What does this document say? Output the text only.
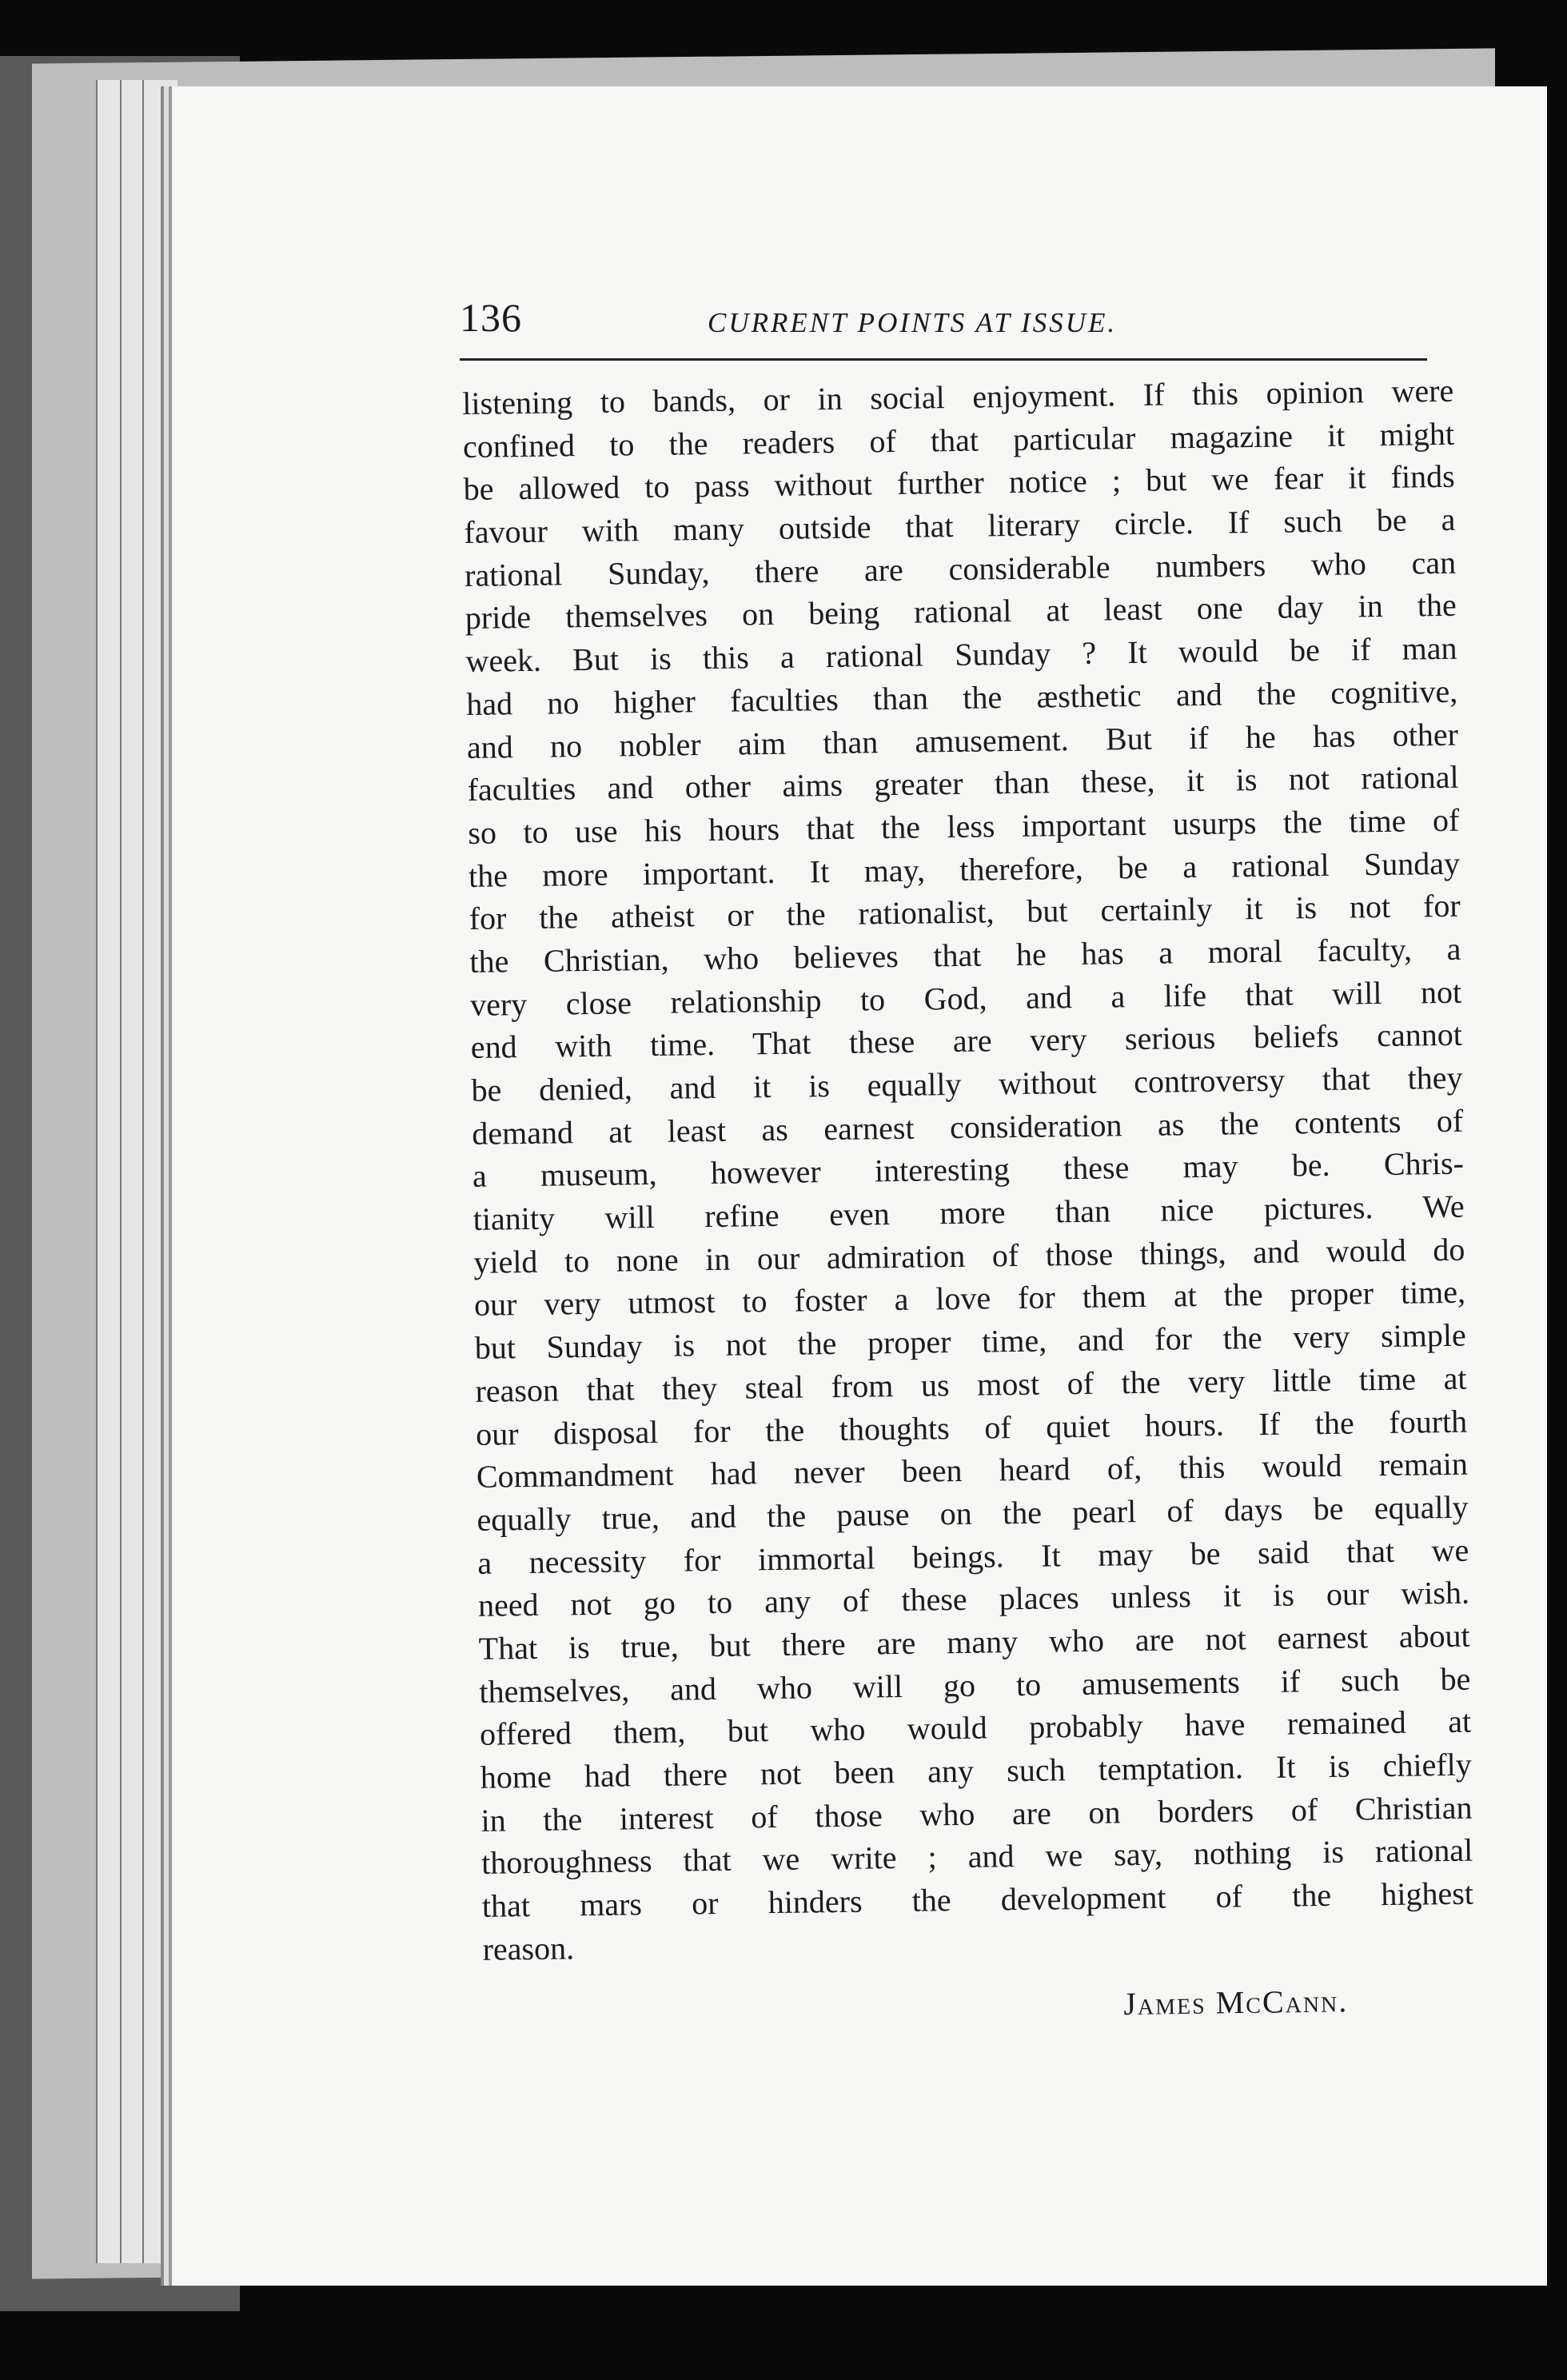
136	CURRENT POINTS AT ISSUE.
listening to bands, or in social enjoyment. If this opinion were
confined to the readers of that particular magazine it might
be allowed to pass without further notice ; but we fear it finds
favour with many outside that literary circle. If such be a
rational Sunday, there are considerable numbers who can
pride themselves on being rational at least one day in the
week. But is this a rational Sunday ? It would be if man
had no higher faculties than the æsthetic and the cognitive,
and no nobler aim than amusement. But if he has other
faculties and other aims greater than these, it is not rational
so to use his hours that the less important usurps the time of
the more important. It may, therefore, be a rational Sunday
for the atheist or the rationalist, but certainly it is not for
the Christian, who believes that he has a moral faculty, a
very close relationship to God, and a life that will not
end with time. That these are very serious beliefs cannot
be denied, and it is equally without controversy that they
demand at least as earnest consideration as the contents of
a museum, however interesting these may be. Chris-
tianity will refine even more than nice pictures. We
yield to none in our admiration of those things, and would do
our very utmost to foster a love for them at the proper time,
but Sunday is not the proper time, and for the very simple
reason that they steal from us most of the very little time at
our disposal for the thoughts of quiet hours. If the fourth
Commandment had never been heard of, this would remain
equally true, and the pause on the pearl of days be equally
a necessity for immortal beings. It may be said that we
need not go to any of these places unless it is our wish.
That is true, but there are many who are not earnest about
themselves, and who will go to amusements if such be
offered them, but who would probably have remained at
home had there not been any such temptation. It is chiefly
in the interest of those who are on borders of Christian
thoroughness that we write ; and we say, nothing is rational
that mars or hinders the development of the highest
reason.
James McCann.
